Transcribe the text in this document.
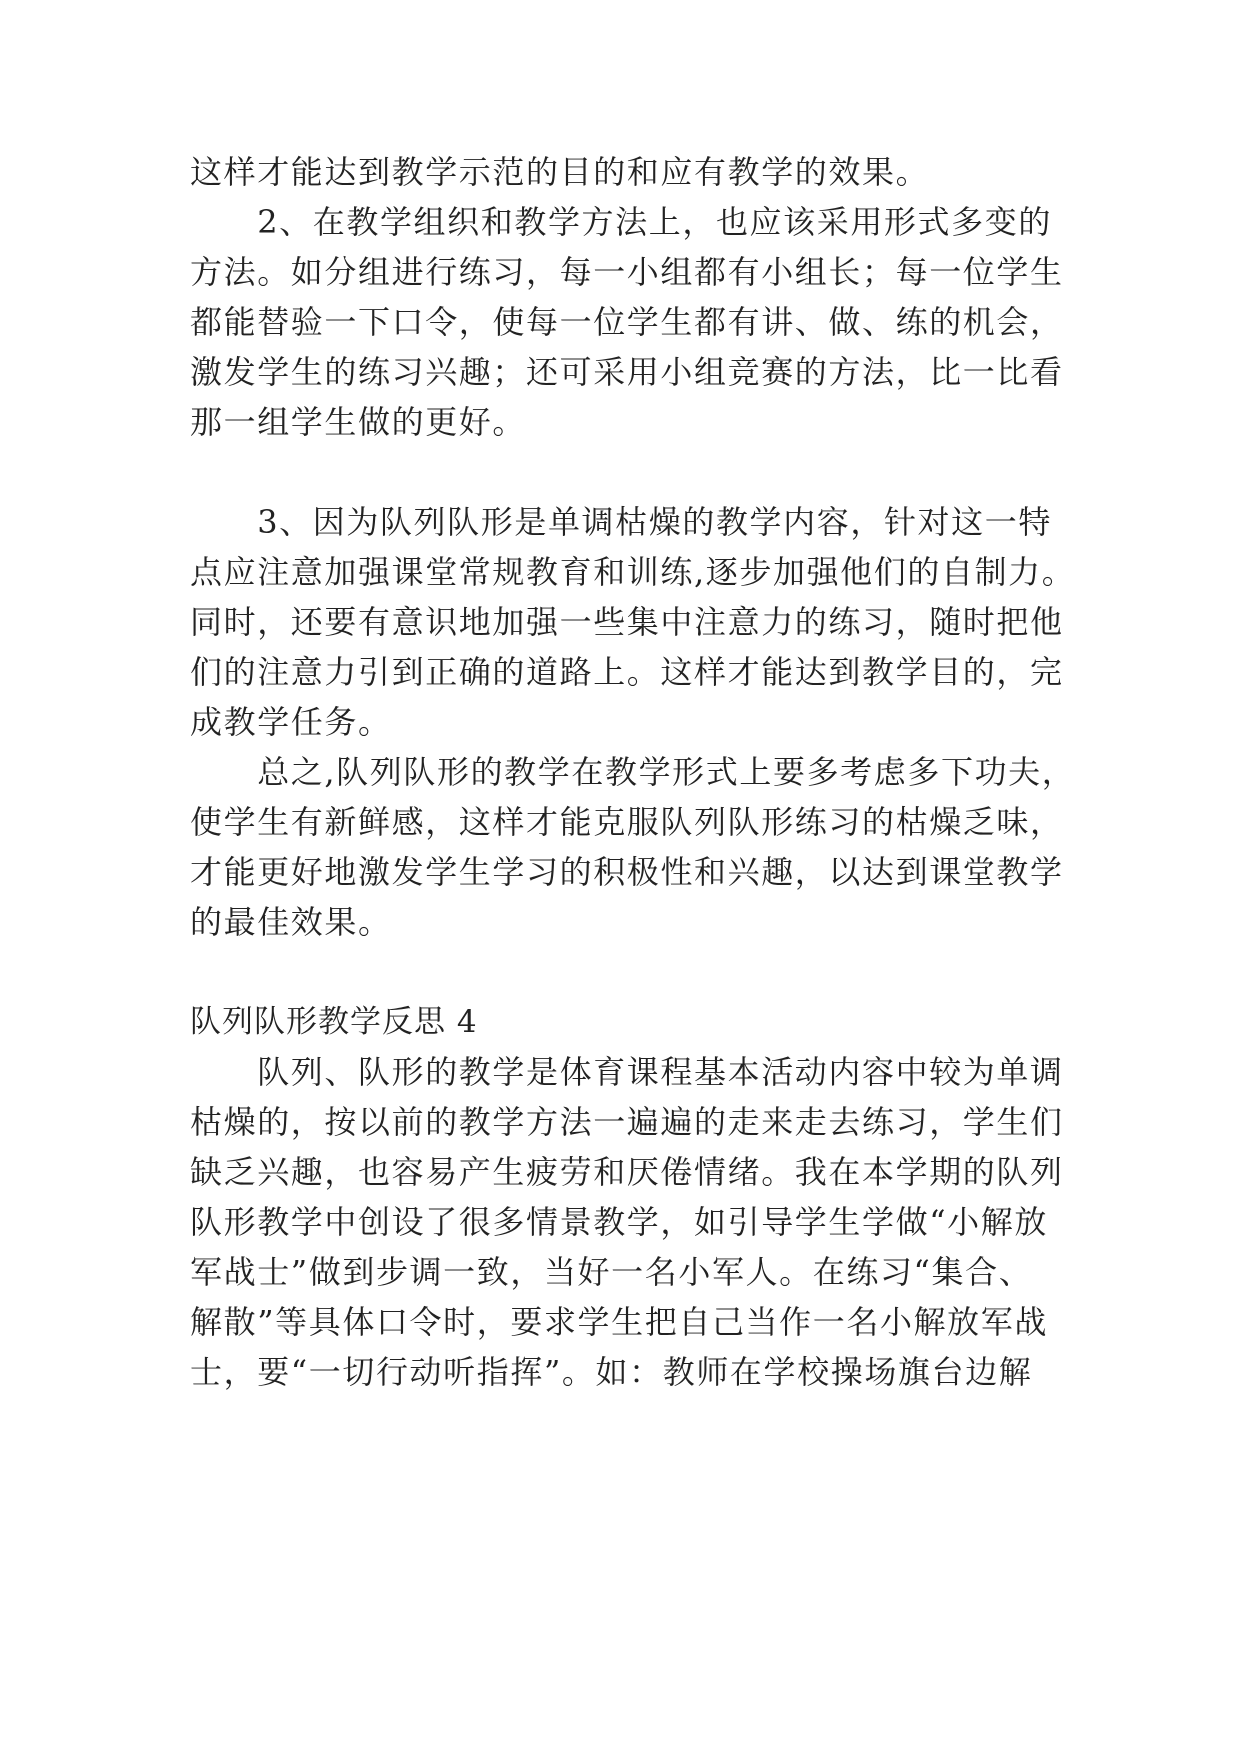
这样才能达到教学示范的目的和应有教学的效果。
　　2、在教学组织和教学方法上，也应该采用形式多变的
方法。如分组进行练习，每一小组都有小组长；每一位学生
都能替验一下口令，使每一位学生都有讲、做、练的机会，
激发学生的练习兴趣；还可采用小组竞赛的方法，比一比看
那一组学生做的更好。
　　3、因为队列队形是单调枯燥的教学内容，针对这一特
点应注意加强课堂常规教育和训练,逐步加强他们的自制力。
同时，还要有意识地加强一些集中注意力的练习，随时把他
们的注意力引到正确的道路上。这样才能达到教学目的，完
成教学任务。
　　总之,队列队形的教学在教学形式上要多考虑多下功夫，
使学生有新鲜感，这样才能克服队列队形练习的枯燥乏味，
才能更好地激发学生学习的积极性和兴趣，以达到课堂教学
的最佳效果。
队列队形教学反思 4
　　队列、队形的教学是体育课程基本活动内容中较为单调
枯燥的，按以前的教学方法一遍遍的走来走去练习，学生们
缺乏兴趣，也容易产生疲劳和厌倦情绪。我在本学期的队列
队形教学中创设了很多情景教学，如引导学生学做“小解放
军战士”做到步调一致，当好一名小军人。在练习“集合、
解散”等具体口令时，要求学生把自己当作一名小解放军战
士，要“一切行动听指挥”。如：教师在学校操场旗台边解
